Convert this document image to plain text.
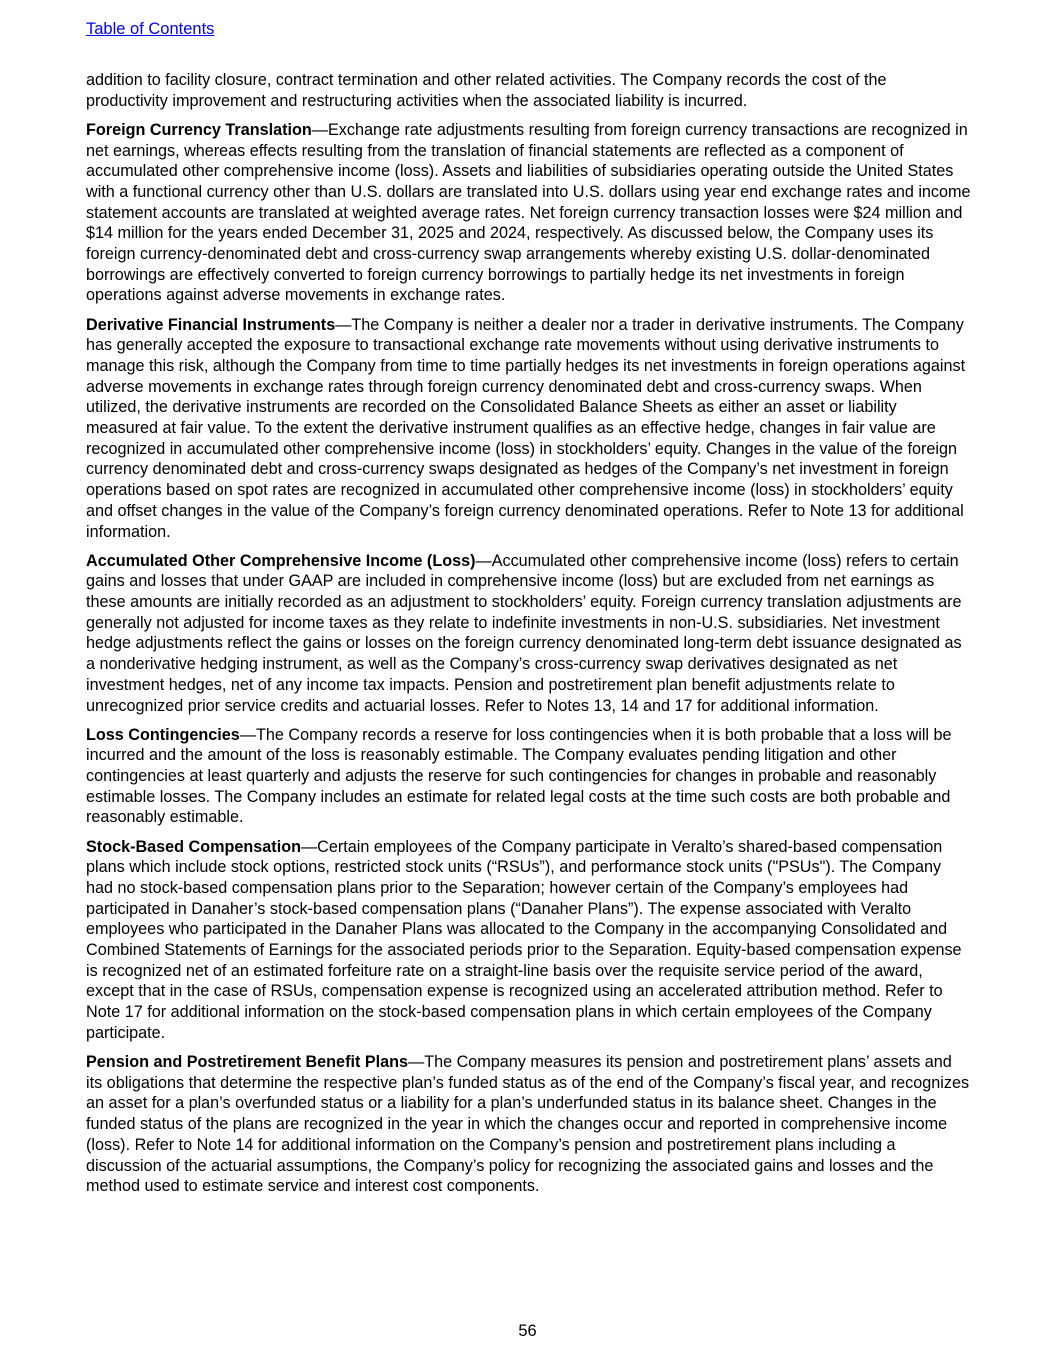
Table of Contents

addition to facility closure, contract termination and other related activities. The Company records the cost of the productivity improvement and restructuring activities when the associated liability is incurred.

Foreign Currency Translation—Exchange rate adjustments resulting from foreign currency transactions are recognized in net earnings, whereas effects resulting from the translation of financial statements are reflected as a component of accumulated other comprehensive income (loss). Assets and liabilities of subsidiaries operating outside the United States with a functional currency other than U.S. dollars are translated into U.S. dollars using year end exchange rates and income statement accounts are translated at weighted average rates. Net foreign currency transaction losses were $24 million and $14 million for the years ended December 31, 2025 and 2024, respectively. As discussed below, the Company uses its foreign currency-denominated debt and cross-currency swap arrangements whereby existing U.S. dollar-denominated borrowings are effectively converted to foreign currency borrowings to partially hedge its net investments in foreign operations against adverse movements in exchange rates.

Derivative Financial Instruments—The Company is neither a dealer nor a trader in derivative instruments. The Company has generally accepted the exposure to transactional exchange rate movements without using derivative instruments to manage this risk, although the Company from time to time partially hedges its net investments in foreign operations against adverse movements in exchange rates through foreign currency denominated debt and cross-currency swaps. When utilized, the derivative instruments are recorded on the Consolidated Balance Sheets as either an asset or liability measured at fair value. To the extent the derivative instrument qualifies as an effective hedge, changes in fair value are recognized in accumulated other comprehensive income (loss) in stockholders’ equity. Changes in the value of the foreign currency denominated debt and cross-currency swaps designated as hedges of the Company’s net investment in foreign operations based on spot rates are recognized in accumulated other comprehensive income (loss) in stockholders’ equity and offset changes in the value of the Company’s foreign currency denominated operations. Refer to Note 13 for additional information.

Accumulated Other Comprehensive Income (Loss)—Accumulated other comprehensive income (loss) refers to certain gains and losses that under GAAP are included in comprehensive income (loss) but are excluded from net earnings as these amounts are initially recorded as an adjustment to stockholders’ equity. Foreign currency translation adjustments are generally not adjusted for income taxes as they relate to indefinite investments in non-U.S. subsidiaries. Net investment hedge adjustments reflect the gains or losses on the foreign currency denominated long-term debt issuance designated as a nonderivative hedging instrument, as well as the Company’s cross-currency swap derivatives designated as net investment hedges, net of any income tax impacts. Pension and postretirement plan benefit adjustments relate to unrecognized prior service credits and actuarial losses. Refer to Notes 13, 14 and 17 for additional information.

Loss Contingencies—The Company records a reserve for loss contingencies when it is both probable that a loss will be incurred and the amount of the loss is reasonably estimable. The Company evaluates pending litigation and other contingencies at least quarterly and adjusts the reserve for such contingencies for changes in probable and reasonably estimable losses. The Company includes an estimate for related legal costs at the time such costs are both probable and reasonably estimable.

Stock-Based Compensation—Certain employees of the Company participate in Veralto’s shared-based compensation plans which include stock options, restricted stock units (“RSUs”), and performance stock units ("PSUs"). The Company had no stock-based compensation plans prior to the Separation; however certain of the Company’s employees had participated in Danaher’s stock-based compensation plans (“Danaher Plans”). The expense associated with Veralto employees who participated in the Danaher Plans was allocated to the Company in the accompanying Consolidated and Combined Statements of Earnings for the associated periods prior to the Separation. Equity-based compensation expense is recognized net of an estimated forfeiture rate on a straight-line basis over the requisite service period of the award, except that in the case of RSUs, compensation expense is recognized using an accelerated attribution method. Refer to Note 17 for additional information on the stock-based compensation plans in which certain employees of the Company participate.

Pension and Postretirement Benefit Plans—The Company measures its pension and postretirement plans’ assets and its obligations that determine the respective plan’s funded status as of the end of the Company’s fiscal year, and recognizes an asset for a plan’s overfunded status or a liability for a plan’s underfunded status in its balance sheet. Changes in the funded status of the plans are recognized in the year in which the changes occur and reported in comprehensive income (loss). Refer to Note 14 for additional information on the Company’s pension and postretirement plans including a discussion of the actuarial assumptions, the Company’s policy for recognizing the associated gains and losses and the method used to estimate service and interest cost components.

56
